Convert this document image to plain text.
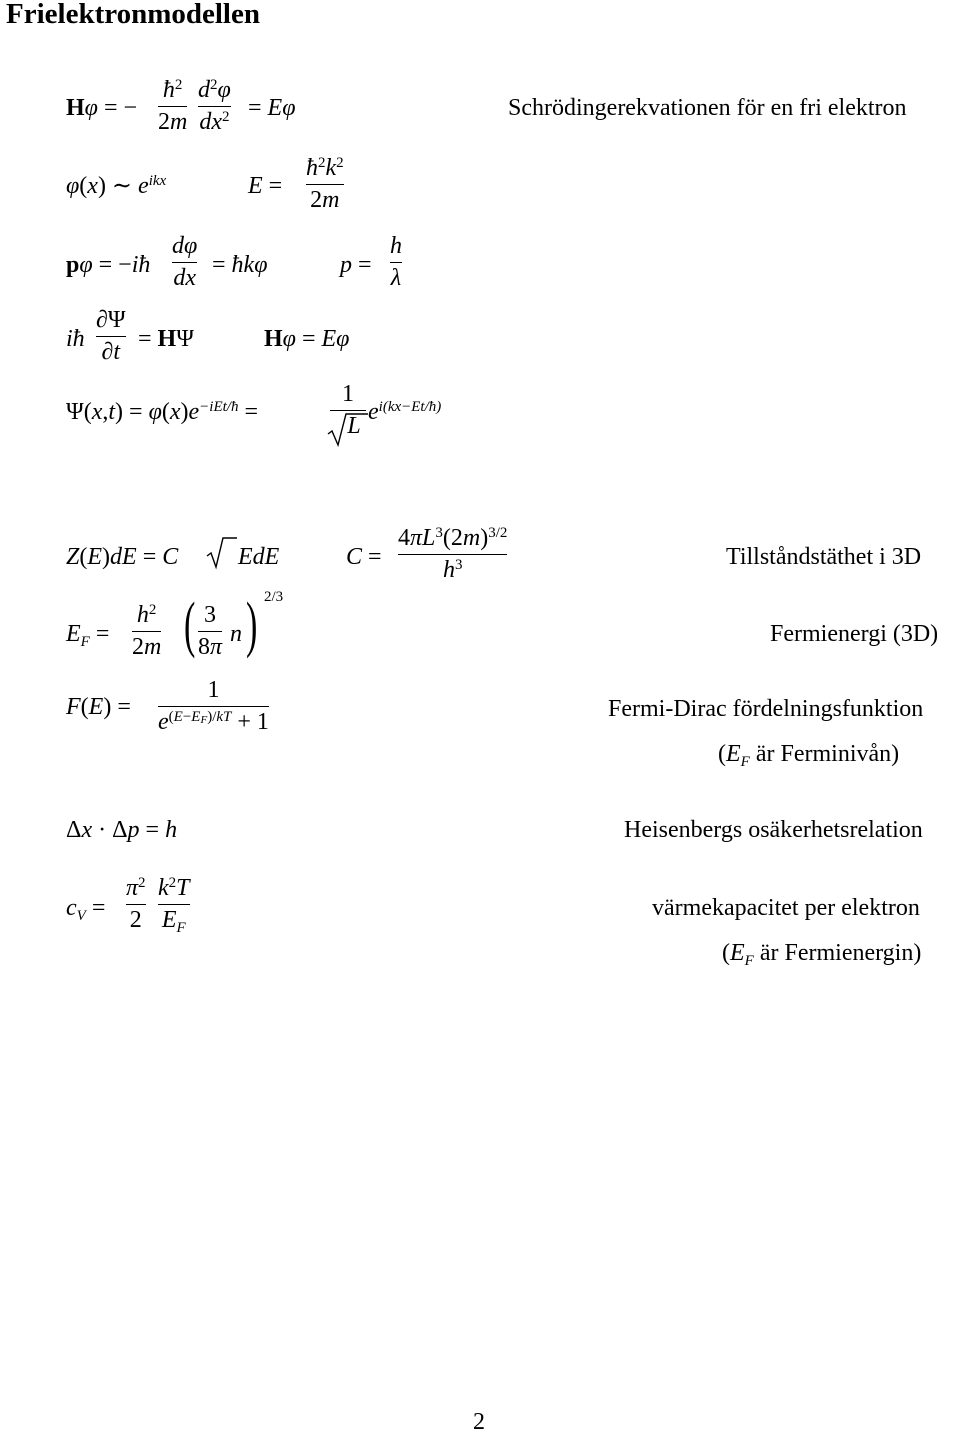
Frielektronmodellen
Hφ = −
$ħ^2$
2m
$d^2\varphi$
$dx^2 = E\varphi$	Schrödingerekvationen för en fri elektron
φ(x) ∼ $e^{ikx}$	E =
$ħ^2k^2$
2m
pφ = −iħ
dφ
dx = ħkφ	p =
h
λ
iħ
∂Ψ
∂t = HΨ	Hφ = Eφ
$\Psi(x,t) = \varphi(x)e^{-iEt/ħ}$ =
1
L
$e^{i(kx-Et/ħ)}$
Z(E)dE = C EdE	C =
$4\pi L^3(2m)^{3/2}$
$h^3$	Tillståndstäthet i 3D
$E_F$ =
$h^2$
2m ( 3
8π n ) 2/3
Fermienergi (3D)
F(E) =
1
$e^{(E-E_F)/kT} + 1$	Fermi-Dirac fördelningsfunktion
($E_F$ är Ferminivån)
Δx · Δp = h	Heisenbergs osäkerhetsrelation
$c_V$ =
$\pi^2$
2
$k^2T$
$E_F$
värmekapacitet per elektron
($E_F$ är Fermienergin)
2
